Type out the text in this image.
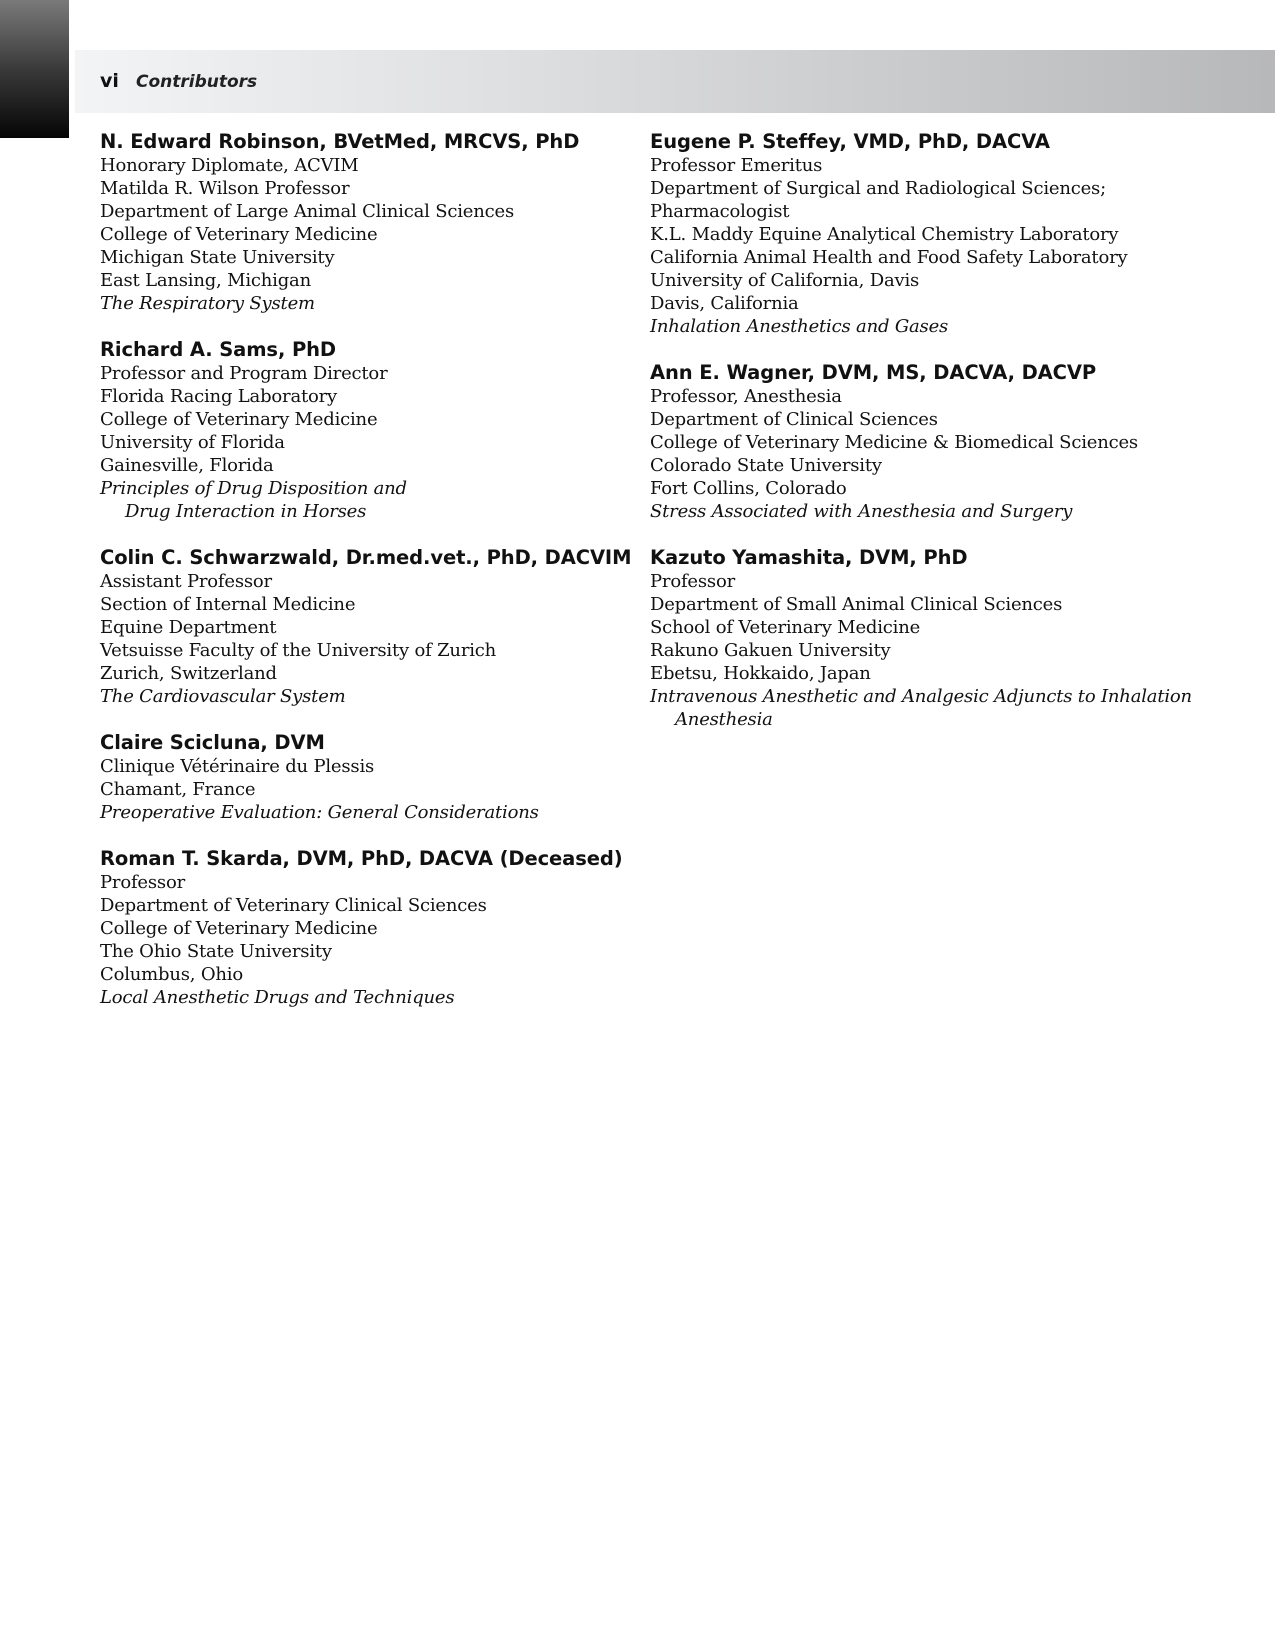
vi Contributors
N. Edward Robinson, BVetMed, MRCVS, PhD
Honorary Diplomate, ACVIM
Matilda R. Wilson Professor
Department of Large Animal Clinical Sciences
College of Veterinary Medicine
Michigan State University
East Lansing, Michigan
The Respiratory System
Richard A. Sams, PhD
Professor and Program Director
Florida Racing Laboratory
College of Veterinary Medicine
University of Florida
Gainesville, Florida
Principles of Drug Disposition and
Drug Interaction in Horses
Colin C. Schwarzwald, Dr.med.vet., PhD, DACVIM
Assistant Professor
Section of Internal Medicine
Equine Department
Vetsuisse Faculty of the University of Zurich
Zurich, Switzerland
The Cardiovascular System
Claire Scicluna, DVM
Clinique Vétérinaire du Plessis
Chamant, France
Preoperative Evaluation: General Considerations
Roman T. Skarda, DVM, PhD, DACVA (Deceased)
Professor
Department of Veterinary Clinical Sciences
College of Veterinary Medicine
The Ohio State University
Columbus, Ohio
Local Anesthetic Drugs and Techniques
Eugene P. Steffey, VMD, PhD, DACVA
Professor Emeritus
Department of Surgical and Radiological Sciences;
Pharmacologist
K.L. Maddy Equine Analytical Chemistry Laboratory
California Animal Health and Food Safety Laboratory
University of California, Davis
Davis, California
Inhalation Anesthetics and Gases
Ann E. Wagner, DVM, MS, DACVA, DACVP
Professor, Anesthesia
Department of Clinical Sciences
College of Veterinary Medicine & Biomedical Sciences
Colorado State University
Fort Collins, Colorado
Stress Associated with Anesthesia and Surgery
Kazuto Yamashita, DVM, PhD
Professor
Department of Small Animal Clinical Sciences
School of Veterinary Medicine
Rakuno Gakuen University
Ebetsu, Hokkaido, Japan
Intravenous Anesthetic and Analgesic Adjuncts to Inhalation
Anesthesia
